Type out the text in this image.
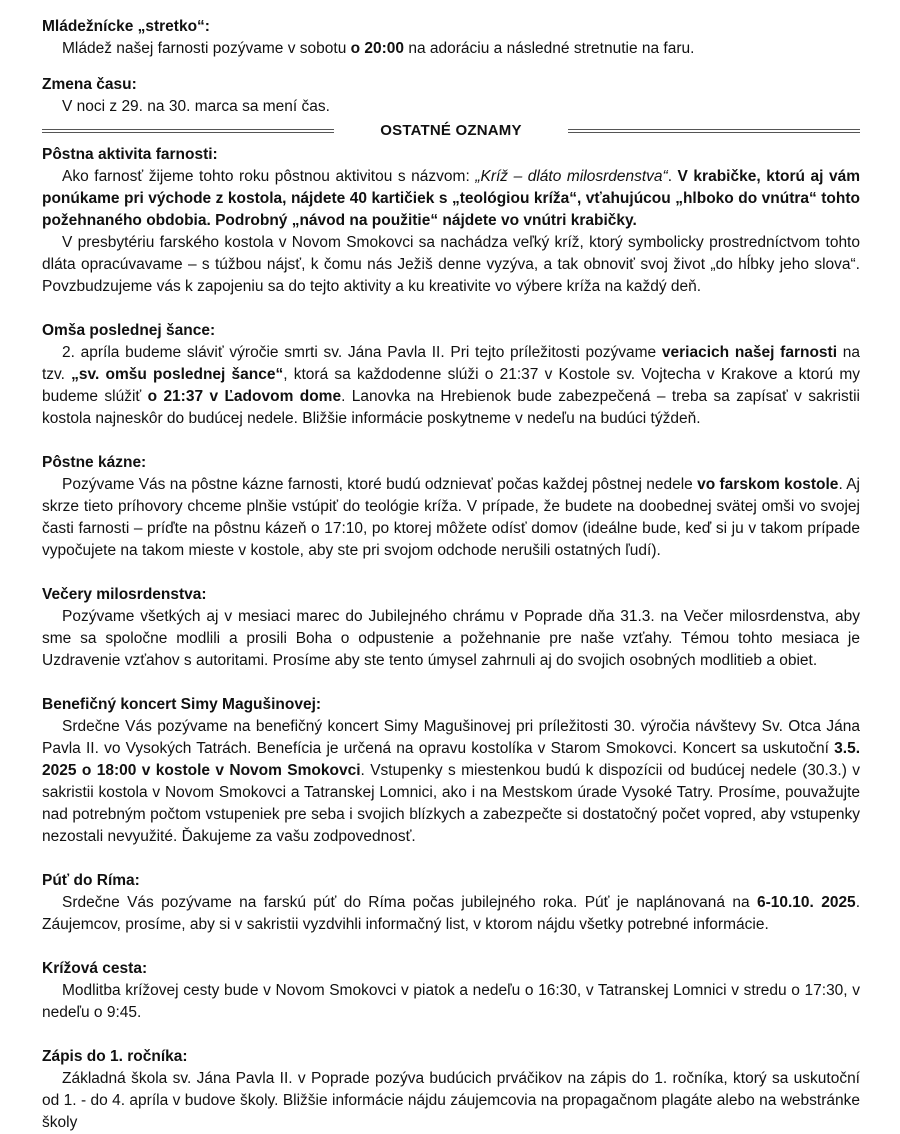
Mládežnícke „stretko“:
Mládež našej farnosti pozývame v sobotu o 20:00 na adoráciu a následné stretnutie na faru.
Zmena času:
V noci z 29. na 30. marca sa mení čas.
OSTATNÉ OZNAMY
Pôstna aktivita farnosti:
Ako farnosť žijeme tohto roku pôstnou aktivitou s názvom: „Kríž – dláto milosrdenstva“. V krabičke, ktorú aj vám ponúkame pri východe z kostola, nájdete 40 kartičiek s „teológiou kríža“, vťahujúcou „hlboko do vnútra“ tohto požehnaného obdobia. Podrobný „návod na použitie“ nájdete vo vnútri krabičky.
V presbytériu farského kostola v Novom Smokovci sa nachádza veľký kríž, ktorý symbolicky prostredníctvom tohto dláta opracúvavame – s túžbou nájsť, k čomu nás Ježiš denne vyzýva, a tak obnoviť svoj život „do hĺbky jeho slova“. Povzbudzujeme vás k zapojeniu sa do tejto aktivity a ku kreativite vo výbere kríža na každý deň.
Omša poslednej šance:
2. apríla budeme sláviť výročie smrti sv. Jána Pavla II. Pri tejto príležitosti pozývame veriacich našej farnosti na tzv. „sv. omšu poslednej šance“, ktorá sa každodenne slúži o 21:37 v Kostole sv. Vojtecha v Krakove a ktorú my budeme slúžiť o 21:37 v Ľadovom dome. Lanovka na Hrebienok bude zabezpečená – treba sa zapísať v sakristii kostola najneskôr do budúcej nedele. Bližšie informácie poskytneme v nedeľu na budúci týždeň.
Pôstne kázne:
Pozývame Vás na pôstne kázne farnosti, ktoré budú odznievať počas každej pôstnej nedele vo farskom kostole. Aj skrze tieto príhovory chceme plnšie vstúpiť do teológie kríža. V prípade, že budete na doobednej svätej omši vo svojej časti farnosti – príďte na pôstnu kázeň o 17:10, po ktorej môžete odísť domov (ideálne bude, keď si ju v takom prípade vypočujete na takom mieste v kostole, aby ste pri svojom odchode nerušili ostatných ľudí).
Večery milosrdenstva:
Pozývame všetkých aj v mesiaci marec do Jubilejného chrámu v Poprade dňa 31.3. na Večer milosrdenstva, aby sme sa spoločne modlili a prosili Boha o odpustenie a požehnanie pre naše vzťahy. Témou tohto mesiaca je Uzdravenie vzťahov s autoritami. Prosíme aby ste tento úmysel zahrnuli aj do svojich osobných modlitieb a obiet.
Benefičný koncert Simy Magušinovej:
Srdečne Vás pozývame na benefičný koncert Simy Magušinovej pri príležitosti 30. výročia návštevy Sv. Otca Jána Pavla II. vo Vysokých Tatrách. Benefícia je určená na opravu kostolíka v Starom Smokovci. Koncert sa uskutoční 3.5. 2025 o 18:00 v kostole v Novom Smokovci. Vstupenky s miestenkou budú k dispozícii od budúcej nedele (30.3.) v sakristii kostola v Novom Smokovci a Tatranskej Lomnici, ako i na Mestskom úrade Vysoké Tatry. Prosíme, pouvažujte nad potrebným počtom vstupeniek pre seba i svojich blízkych a zabezpečte si dostatočný počet vopred, aby vstupenky nezostali nevyužité. Ďakujeme za vašu zodpovednosť.
Púť do Ríma:
Srdečne Vás pozývame na farskú púť do Ríma počas jubilejného roka. Púť je naplánovaná na 6-10.10. 2025. Záujemcov, prosíme, aby si v sakristii vyzdvihli informačný list, v ktorom nájdu všetky potrebné informácie.
Krížová cesta:
Modlitba krížovej cesty bude v Novom Smokovci v piatok a nedeľu o 16:30, v Tatranskej Lomnici v stredu o 17:30, v nedeľu o 9:45.
Zápis do 1. ročníka:
Základná škola sv. Jána Pavla II. v Poprade pozýva budúcich prváčikov na zápis do 1. ročníka, ktorý sa uskutoční od 1. - do 4. apríla v budove školy. Bližšie informácie nájdu záujemcovia na propagačnom plagáte alebo na webstránke školy
